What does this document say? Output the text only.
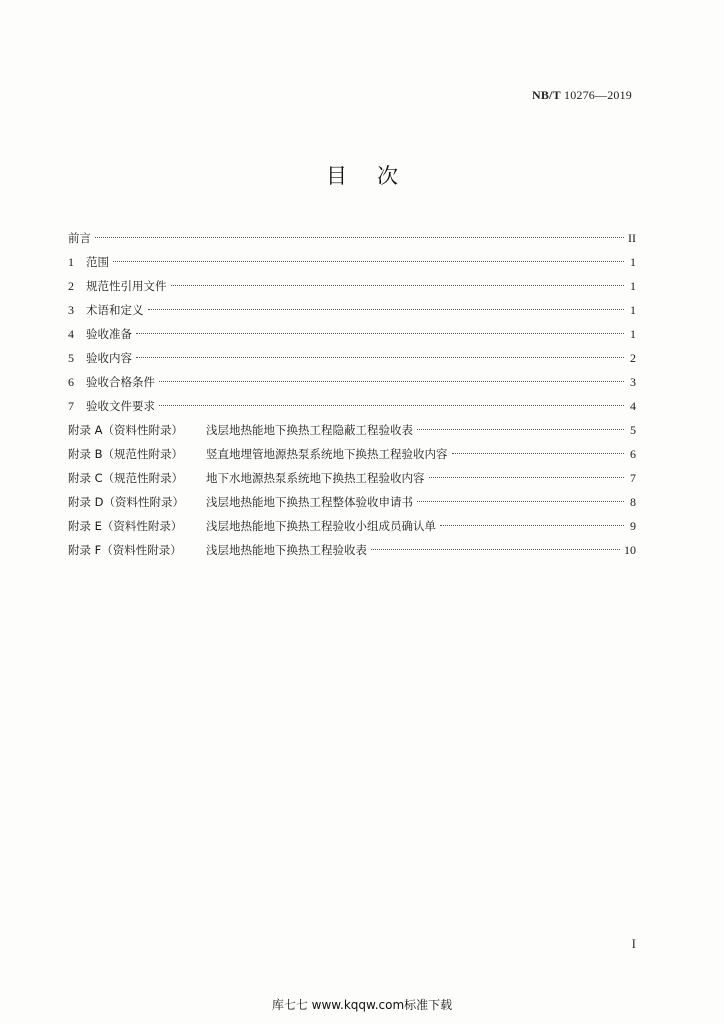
NB/T 10276—2019
目次
前言	II
1	范围	1
2	规范性引用文件	1
3	术语和定义	1
4	验收准备	1
5	验收内容	2
6	验收合格条件	3
7	验收文件要求	4
附录 A（资料性附录）	浅层地热能地下换热工程隐蔽工程验收表	5
附录 B（规范性附录）	竖直地埋管地源热泵系统地下换热工程验收内容	6
附录 C（规范性附录）	地下水地源热泵系统地下换热工程验收内容	7
附录 D（资料性附录）	浅层地热能地下换热工程整体验收申请书	8
附录 E（资料性附录）	浅层地热能地下换热工程验收小组成员确认单	9
附录 F（资料性附录）	浅层地热能地下换热工程验收表	10
I
库七七 www.kqqw.com标准下载
